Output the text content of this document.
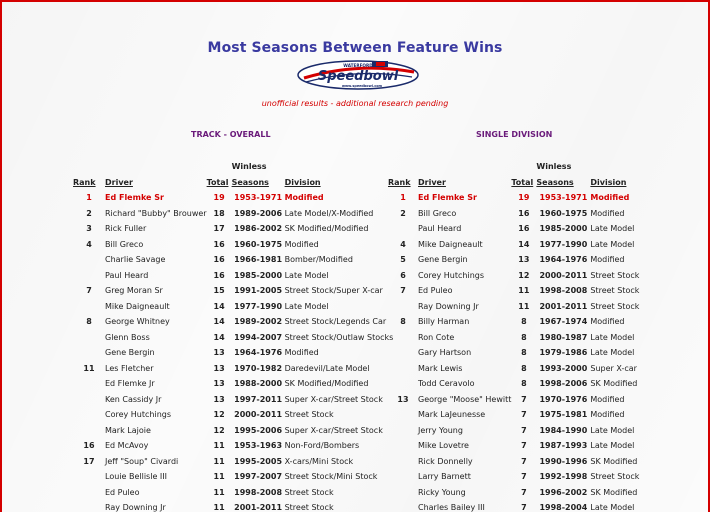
Most Seasons Between Feature Wins
WATERFORD
Speedbowl
www.speedbowl.com
unofficial results - additional research pending
TRACK - OVERALL	SINGLE DIVISION
			Winless	
Rank	Driver	Total	Seasons	Division
1	Ed Flemke Sr	19	1953-1971	Modified
2	Richard "Bubby" Brouwer	18	1989-2006	Late Model/X-Modified
3	Rick Fuller	17	1986-2002	SK Modified/Modified
4	Bill Greco	16	1960-1975	Modified
	Charlie Savage	16	1966-1981	Bomber/Modified
	Paul Heard	16	1985-2000	Late Model
7	Greg Moran Sr	15	1991-2005	Street Stock/Super X-car
	Mike Daigneault	14	1977-1990	Late Model
8	George Whitney	14	1989-2002	Street Stock/Legends Car
	Glenn Boss	14	1994-2007	Street Stock/Outlaw Stocks
	Gene Bergin	13	1964-1976	Modified
11	Les Fletcher	13	1970-1982	Daredevil/Late Model
	Ed Flemke Jr	13	1988-2000	SK Modified/Modified
	Ken Cassidy Jr	13	1997-2011	Super X-car/Street Stock
	Corey Hutchings	12	2000-2011	Street Stock
	Mark Lajoie	12	1995-2006	Super X-car/Street Stock
16	Ed McAvoy	11	1953-1963	Non-Ford/Bombers
17	Jeff "Soup" Civardi	11	1995-2005	X-cars/Mini Stock
	Louie Bellisle III	11	1997-2007	Street Stock/Mini Stock
	Ed Puleo	11	1998-2008	Street Stock
	Ray Downing Jr	11	2001-2011	Street Stock
			Winless	
Rank	Driver	Total	Seasons	Division
1	Ed Flemke Sr	19	1953-1971	Modified
2	Bill Greco	16	1960-1975	Modified
	Paul Heard	16	1985-2000	Late Model
4	Mike Daigneault	14	1977-1990	Late Model
5	Gene Bergin	13	1964-1976	Modified
6	Corey Hutchings	12	2000-2011	Street Stock
7	Ed Puleo	11	1998-2008	Street Stock
	Ray Downing Jr	11	2001-2011	Street Stock
8	Billy Harman	8	1967-1974	Modified
	Ron Cote	8	1980-1987	Late Model
	Gary Hartson	8	1979-1986	Late Model
	Mark Lewis	8	1993-2000	Super X-car
	Todd Ceravolo	8	1998-2006	SK Modified
13	George "Moose" Hewitt	7	1970-1976	Modified
	Mark LaJeunesse	7	1975-1981	Modified
	Jerry Young	7	1984-1990	Late Model
	Mike Lovetre	7	1987-1993	Late Model
	Rick Donnelly	7	1990-1996	SK Modified
	Larry Barnett	7	1992-1998	Street Stock
	Ricky Young	7	1996-2002	SK Modified
	Charles Bailey III	7	1998-2004	Late Model
